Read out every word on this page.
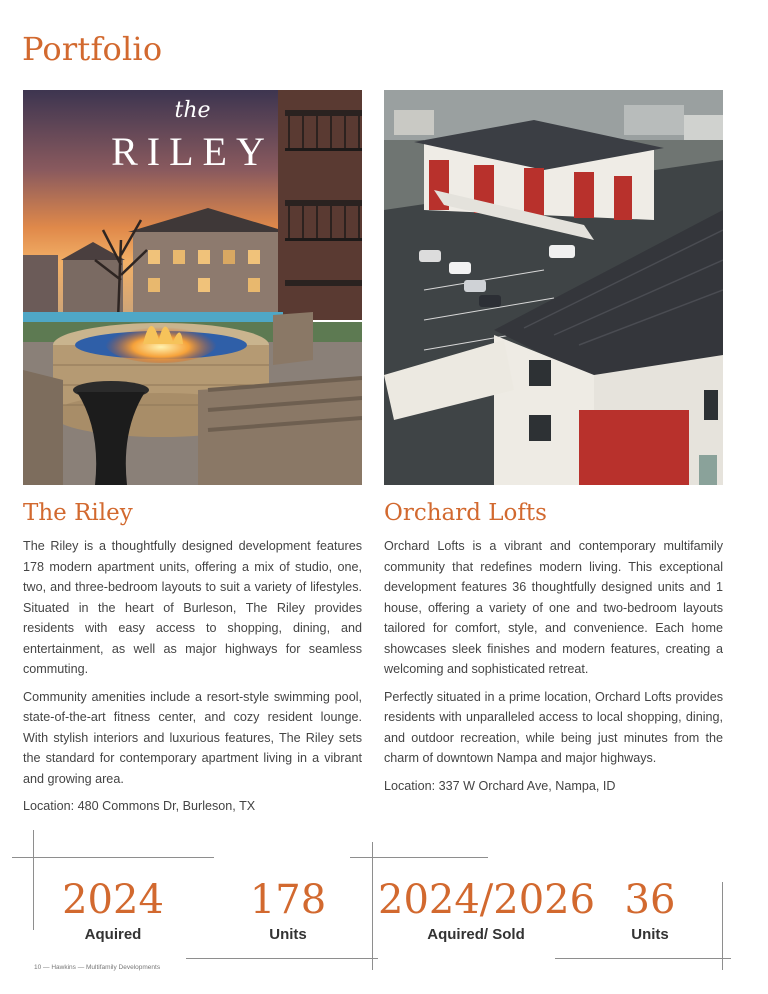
Portfolio
the
RILEY
The Riley

The Riley is a thoughtfully designed development features 178 modern apartment units, offering a mix of studio, one, two, and three-bedroom layouts to suit a variety of lifestyles. Situated in the heart of Burleson, The Riley provides residents with easy access to shopping, dining, and entertainment, as well as major highways for seamless commuting.

Community amenities include a resort-style swimming pool, state-of-the-art fitness center, and cozy resident lounge. With stylish interiors and luxurious features, The Riley sets the standard for contemporary apartment living in a vibrant and growing area.

Location: 480 Commons Dr, Burleson, TX

Orchard Lofts

Orchard Lofts is a vibrant and contemporary multifamily community that redefines modern living. This exceptional development features 36 thoughtfully designed units and 1 house, offering a variety of one and two-bedroom layouts tailored for comfort, style, and convenience. Each home showcases sleek finishes and modern features, creating a welcoming and sophisticated retreat.

Perfectly situated in a prime location, Orchard Lofts provides residents with unparalleled access to local shopping, dining, and outdoor recreation, while being just minutes from the charm of downtown Nampa and major highways.

Location: 337 W Orchard Ave, Nampa, ID

2024
Aquired
178
Units
2024/2026
Aquired/ Sold
36
Units
10 — Hawkins — Multifamily Developments
